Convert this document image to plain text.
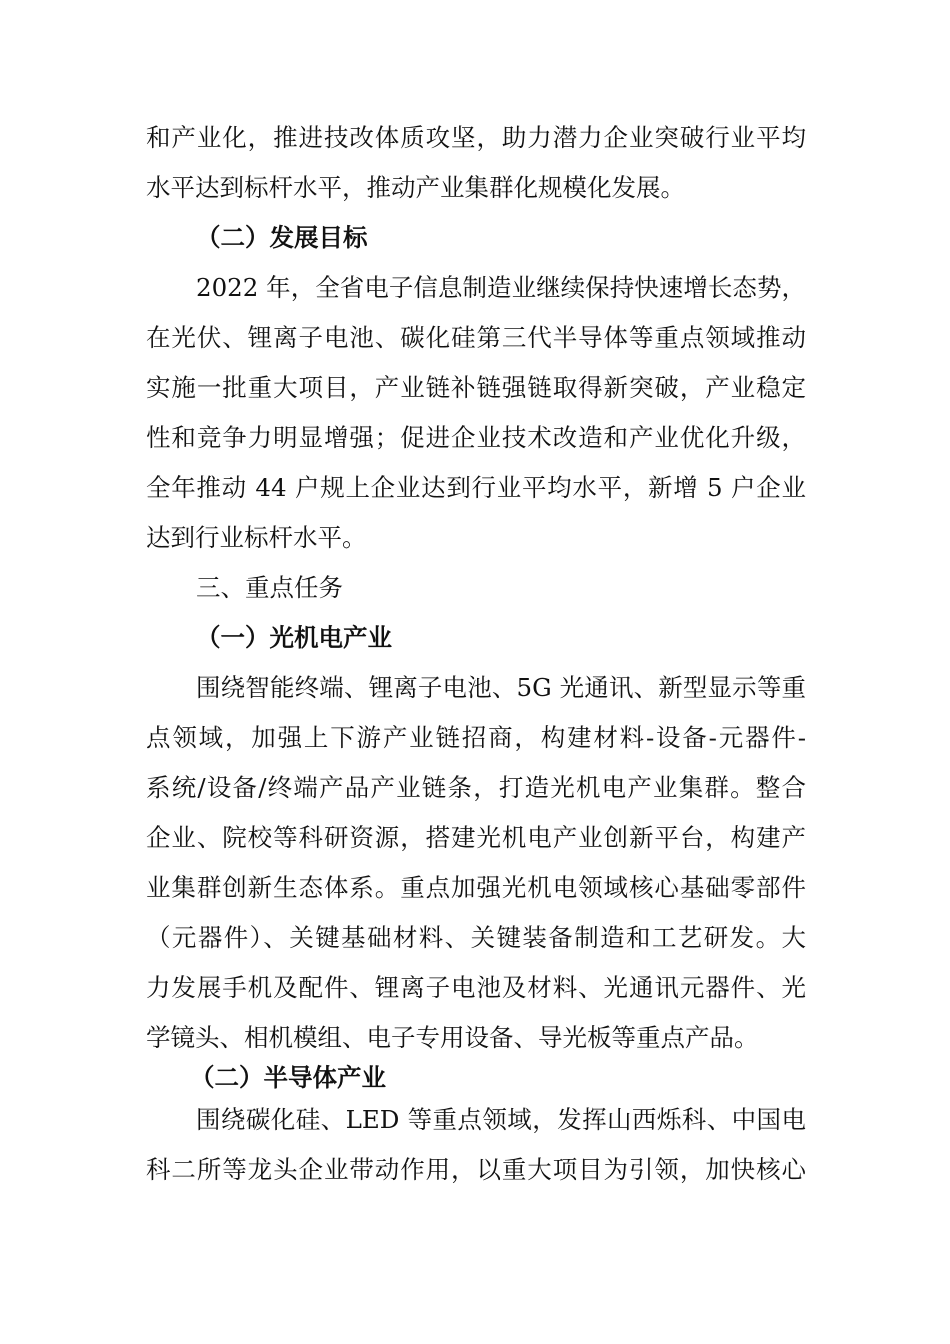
和产业化，推进技改体质攻坚，助力潜力企业突破行业平均
水平达到标杆水平，推动产业集群化规模化发展。
（二）发展目标
2022 年，全省电子信息制造业继续保持快速增长态势，
在光伏、锂离子电池、碳化硅第三代半导体等重点领域推动
实施一批重大项目，产业链补链强链取得新突破，产业稳定
性和竞争力明显增强；促进企业技术改造和产业优化升级，
全年推动 44 户规上企业达到行业平均水平，新增 5 户企业
达到行业标杆水平。
三、重点任务
（一）光机电产业
围绕智能终端、锂离子电池、5G 光通讯、新型显示等重
点领域，加强上下游产业链招商，构建材料-设备-元器件-
系统/设备/终端产品产业链条，打造光机电产业集群。整合
企业、院校等科研资源，搭建光机电产业创新平台，构建产
业集群创新生态体系。重点加强光机电领域核心基础零部件
（元器件）、关键基础材料、关键装备制造和工艺研发。大
力发展手机及配件、锂离子电池及材料、光通讯元器件、光
学镜头、相机模组、电子专用设备、导光板等重点产品。
（二）半导体产业
围绕碳化硅、LED 等重点领域，发挥山西烁科、中国电
科二所等龙头企业带动作用，以重大项目为引领，加快核心
